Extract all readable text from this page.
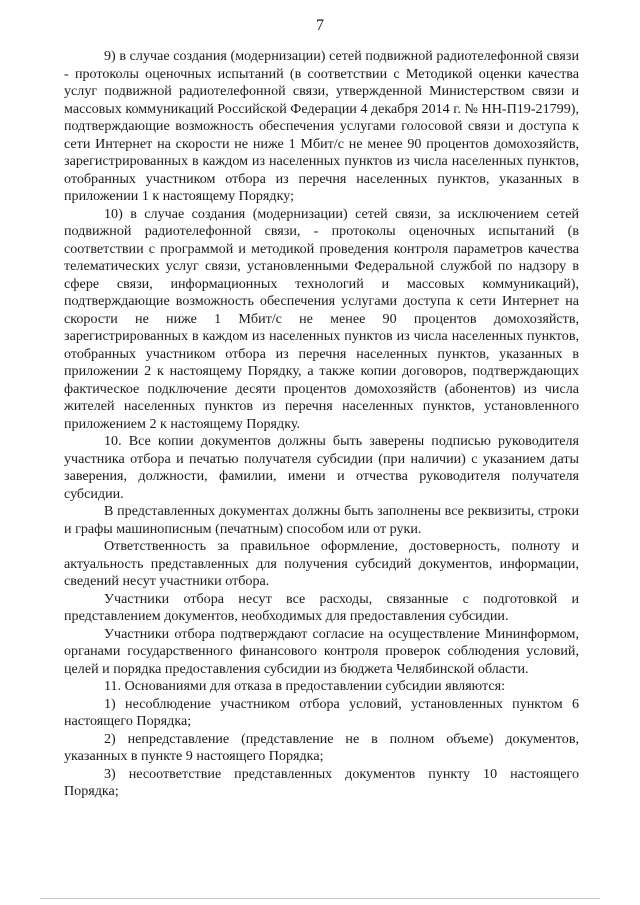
7

9) в случае создания (модернизации) сетей подвижной радиотелефонной связи - протоколы оценочных испытаний (в соответствии с Методикой оценки качества услуг подвижной радиотелефонной связи, утвержденной Министерством связи и массовых коммуникаций Российской Федерации 4 декабря 2014 г. № НН-П19-21799), подтверждающие возможность обеспечения услугами голосовой связи и доступа к сети Интернет на скорости не ниже 1 Мбит/с не менее 90 процентов домохозяйств, зарегистрированных в каждом из населенных пунктов из числа населенных пунктов, отобранных участником отбора из перечня населенных пунктов, указанных в приложении 1 к настоящему Порядку;

10) в случае создания (модернизации) сетей связи, за исключением сетей подвижной радиотелефонной связи, - протоколы оценочных испытаний (в соответствии с программой и методикой проведения контроля параметров качества телематических услуг связи, установленными Федеральной службой по надзору в сфере связи, информационных технологий и массовых коммуникаций), подтверждающие возможность обеспечения услугами доступа к сети Интернет на скорости не ниже 1 Мбит/с не менее 90 процентов домохозяйств, зарегистрированных в каждом из населенных пунктов из числа населенных пунктов, отобранных участником отбора из перечня населенных пунктов, указанных в приложении 2 к настоящему Порядку, а также копии договоров, подтверждающих фактическое подключение десяти процентов домохозяйств (абонентов) из числа жителей населенных пунктов из перечня населенных пунктов, установленного приложением 2 к настоящему Порядку.

10. Все копии документов должны быть заверены подписью руководителя участника отбора и печатью получателя субсидии (при наличии) с указанием даты заверения, должности, фамилии, имени и отчества руководителя получателя субсидии.

В представленных документах должны быть заполнены все реквизиты, строки и графы машинописным (печатным) способом или от руки.

Ответственность за правильное оформление, достоверность, полноту и актуальность представленных для получения субсидий документов, информации, сведений несут участники отбора.

Участники отбора несут все расходы, связанные с подготовкой и представлением документов, необходимых для предоставления субсидии.

Участники отбора подтверждают согласие на осуществление Мининформом, органами государственного финансового контроля проверок соблюдения условий, целей и порядка предоставления субсидии из бюджета Челябинской области.

11. Основаниями для отказа в предоставлении субсидии являются:

1) несоблюдение участником отбора условий, установленных пунктом 6 настоящего Порядка;

2) непредставление (представление не в полном объеме) документов, указанных в пункте 9 настоящего Порядка;

3) несоответствие представленных документов пункту 10 настоящего Порядка;
